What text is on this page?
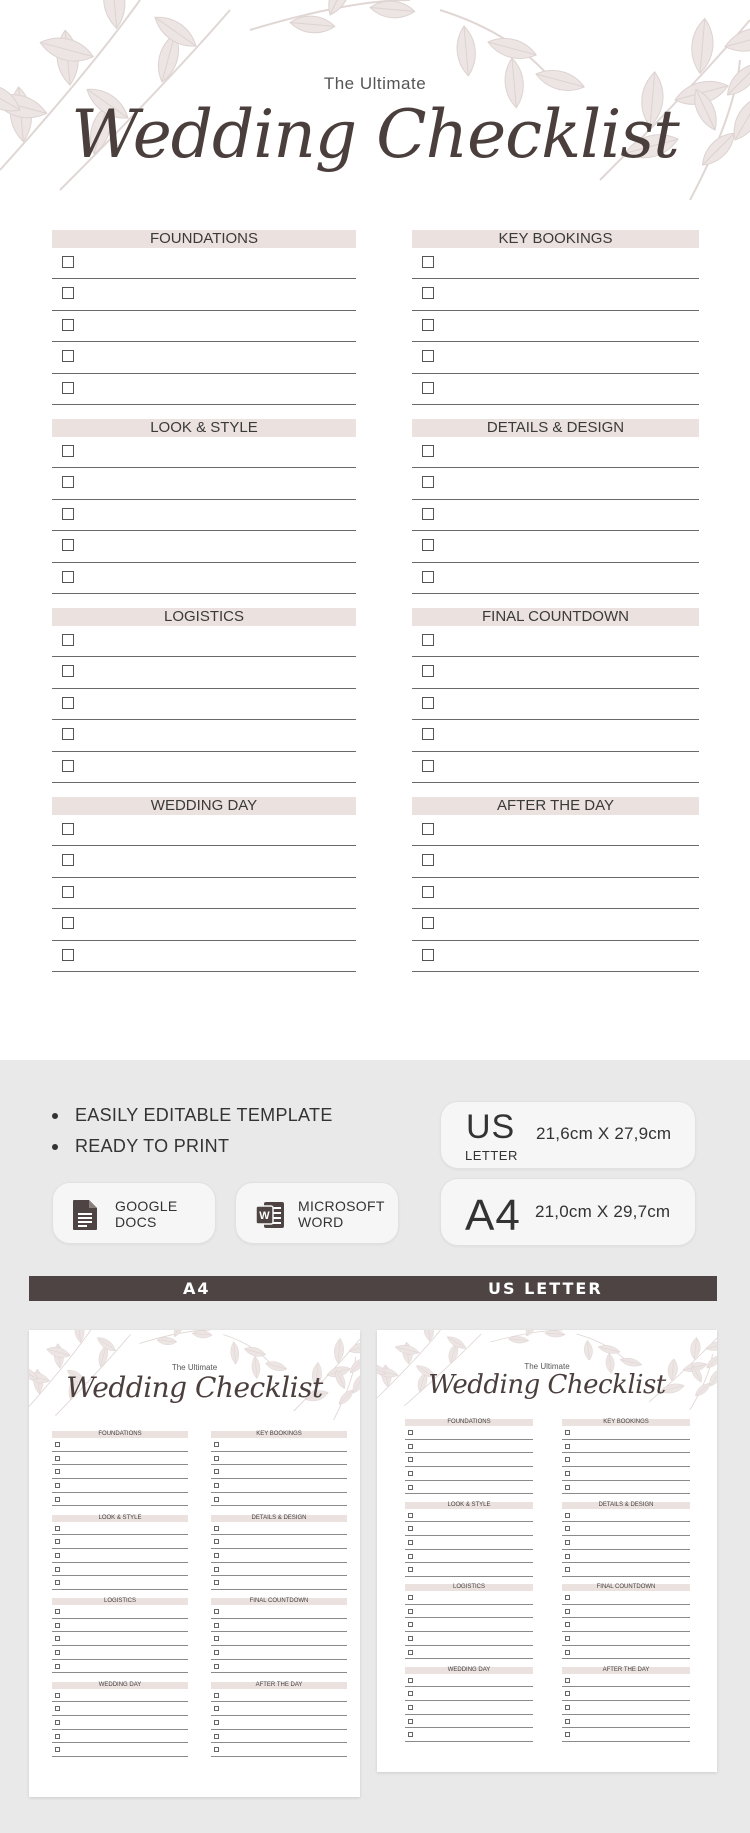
The Ultimate
Wedding Checklist
FOUNDATIONS
LOOK & STYLE
LOGISTICS
WEDDING DAY
KEY BOOKINGS
DETAILS & DESIGN
FINAL COUNTDOWN
AFTER THE DAY
EASILY EDITABLE TEMPLATE
READY TO PRINT
GOOGLE
DOCS	W
MICROSOFT
WORD
US
LETTER
21,6cm X 27,9cm
A4 21,0cm X 29,7cm
A4	US LETTER
The Ultimate
Wedding Checklist
FOUNDATIONS
LOOK & STYLE
LOGISTICS
WEDDING DAY
KEY BOOKINGS
DETAILS & DESIGN
FINAL COUNTDOWN
AFTER THE DAY
The Ultimate
Wedding Checklist
FOUNDATIONS
LOOK & STYLE
LOGISTICS
WEDDING DAY
KEY BOOKINGS
DETAILS & DESIGN
FINAL COUNTDOWN
AFTER THE DAY
